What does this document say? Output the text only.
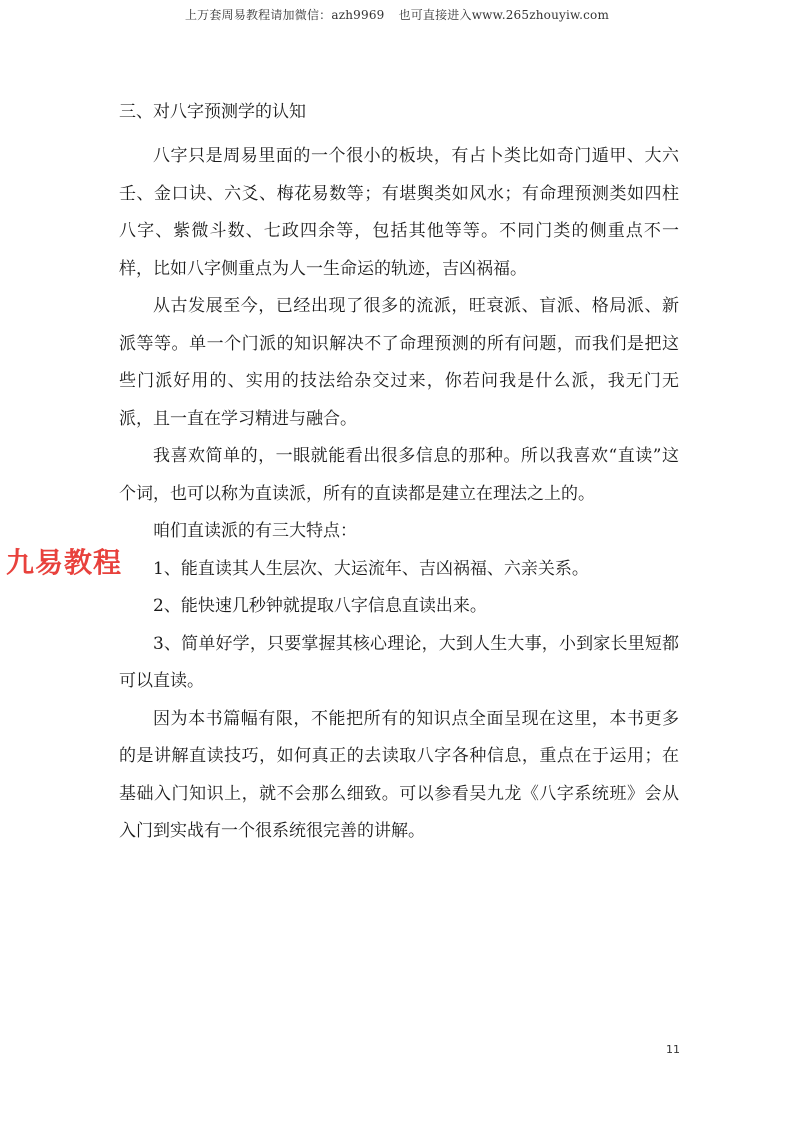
上万套周易教程请加微信：azh9969 也可直接进入www.265zhouyiw.com

三、对八字预测学的认知

八字只是周易里面的一个很小的板块，有占卜类比如奇门遁甲、大六壬、金口诀、六爻、梅花易数等；有堪舆类如风水；有命理预测类如四柱八字、紫微斗数、七政四余等，包括其他等等。不同门类的侧重点不一样，比如八字侧重点为人一生命运的轨迹，吉凶祸福。

从古发展至今，已经出现了很多的流派，旺衰派、盲派、格局派、新派等等。单一个门派的知识解决不了命理预测的所有问题，而我们是把这些门派好用的、实用的技法给杂交过来，你若问我是什么派，我无门无派，且一直在学习精进与融合。

我喜欢简单的，一眼就能看出很多信息的那种。所以我喜欢“直读”这个词，也可以称为直读派，所有的直读都是建立在理法之上的。

咱们直读派的有三大特点：

1、能直读其人生层次、大运流年、吉凶祸福、六亲关系。

2、能快速几秒钟就提取八字信息直读出来。

3、简单好学，只要掌握其核心理论，大到人生大事，小到家长里短都可以直读。

因为本书篇幅有限，不能把所有的知识点全面呈现在这里，本书更多的是讲解直读技巧，如何真正的去读取八字各种信息，重点在于运用；在基础入门知识上，就不会那么细致。可以参看吴九龙《八字系统班》会从入门到实战有一个很系统很完善的讲解。

九易教程
11
